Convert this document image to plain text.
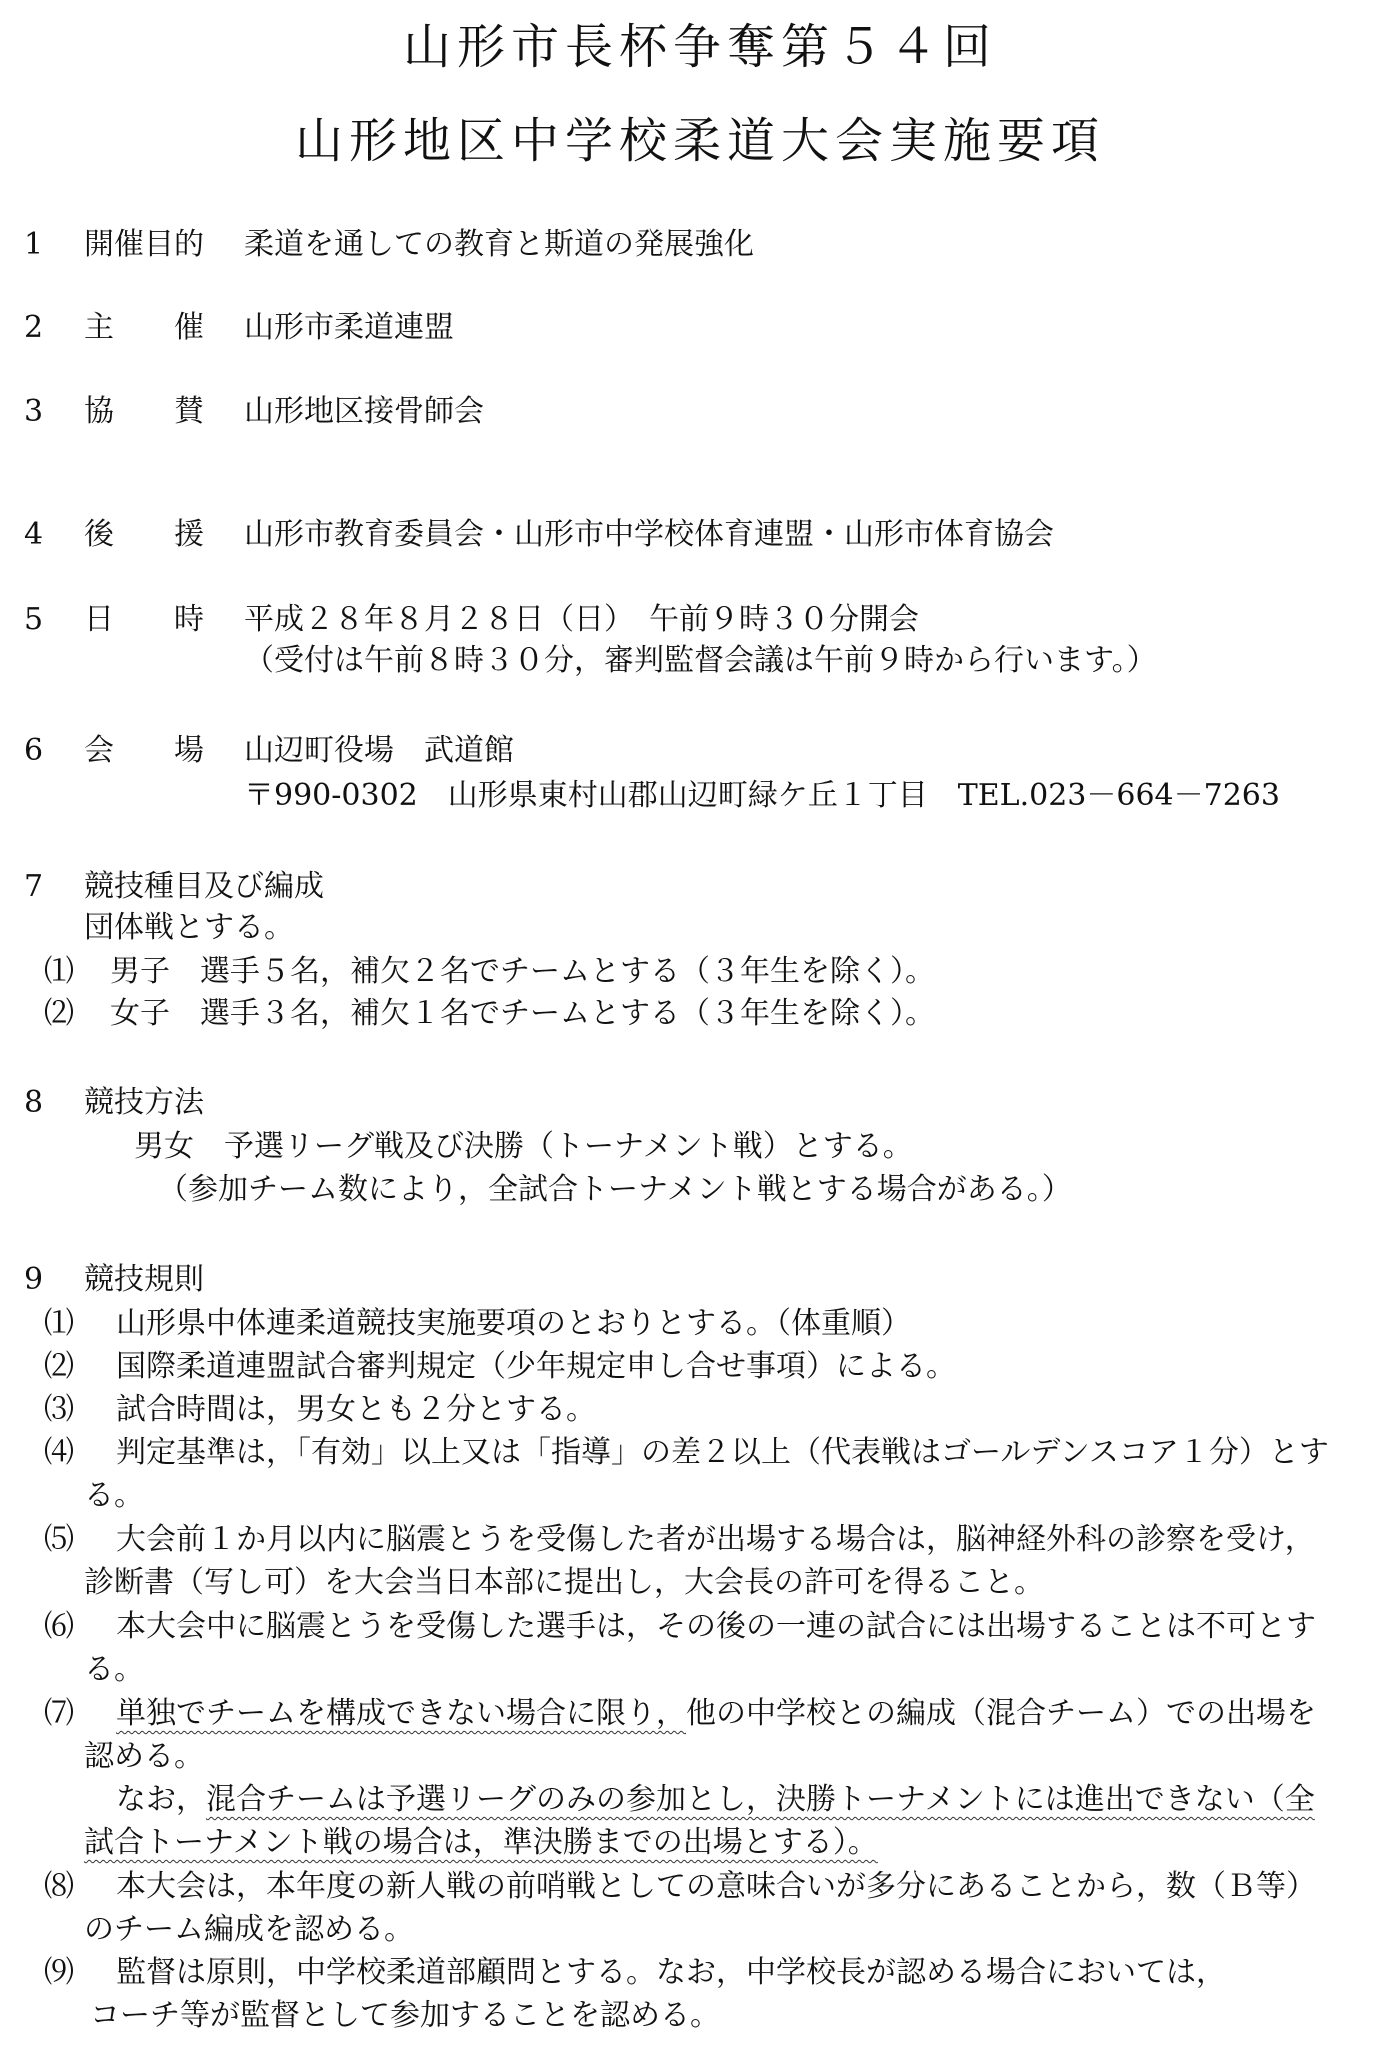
山形市長杯争奪第５４回
山形地区中学校柔道大会実施要項
1 開催目的 柔道を通しての教育と斯道の発展強化
2 主　　催 山形市柔道連盟
3 協　　賛 山形地区接骨師会
4 後　　援 山形市教育委員会・山形市中学校体育連盟・山形市体育協会
5 日　　時 平成２８年８月２８日（日）　午前９時３０分開会
（受付は午前８時３０分，審判監督会議は午前９時から行います。）
6 会　　場 山辺町役場　武道館
〒990-0302　山形県東村山郡山辺町緑ケ丘１丁目　TEL.023－664－7263
7 競技種目及び編成
団体戦とする。
⑴ 男子　選手５名，補欠２名でチームとする（３年生を除く）。
⑵ 女子　選手３名，補欠１名でチームとする（３年生を除く）。
8 競技方法
男女　予選リーグ戦及び決勝（トーナメント戦）とする。
（参加チーム数により，全試合トーナメント戦とする場合がある。）
9 競技規則
⑴ 山形県中体連柔道競技実施要項のとおりとする。（体重順）
⑵ 国際柔道連盟試合審判規定（少年規定申し合せ事項）による。
⑶ 試合時間は，男女とも２分とする。
⑷ 判定基準は，「有効」以上又は「指導」の差２以上（代表戦はゴールデンスコア１分）とす
る。
⑸ 大会前１か月以内に脳震とうを受傷した者が出場する場合は，脳神経外科の診察を受け，
診断書（写し可）を大会当日本部に提出し，大会長の許可を得ること。
⑹ 本大会中に脳震とうを受傷した選手は，その後の一連の試合には出場することは不可とす
る。
⑺ 単独でチームを構成できない場合に限り，他の中学校との編成（混合チーム）での出場を
認める。
なお，混合チームは予選リーグのみの参加とし，決勝トーナメントには進出できない（全
試合トーナメント戦の場合は，準決勝までの出場とする）。
⑻ 本大会は，本年度の新人戦の前哨戦としての意味合いが多分にあることから，数（Ｂ等）
のチーム編成を認める。
⑼ 監督は原則，中学校柔道部顧問とする。なお，中学校長が認める場合においては，
コーチ等が監督として参加することを認める。
